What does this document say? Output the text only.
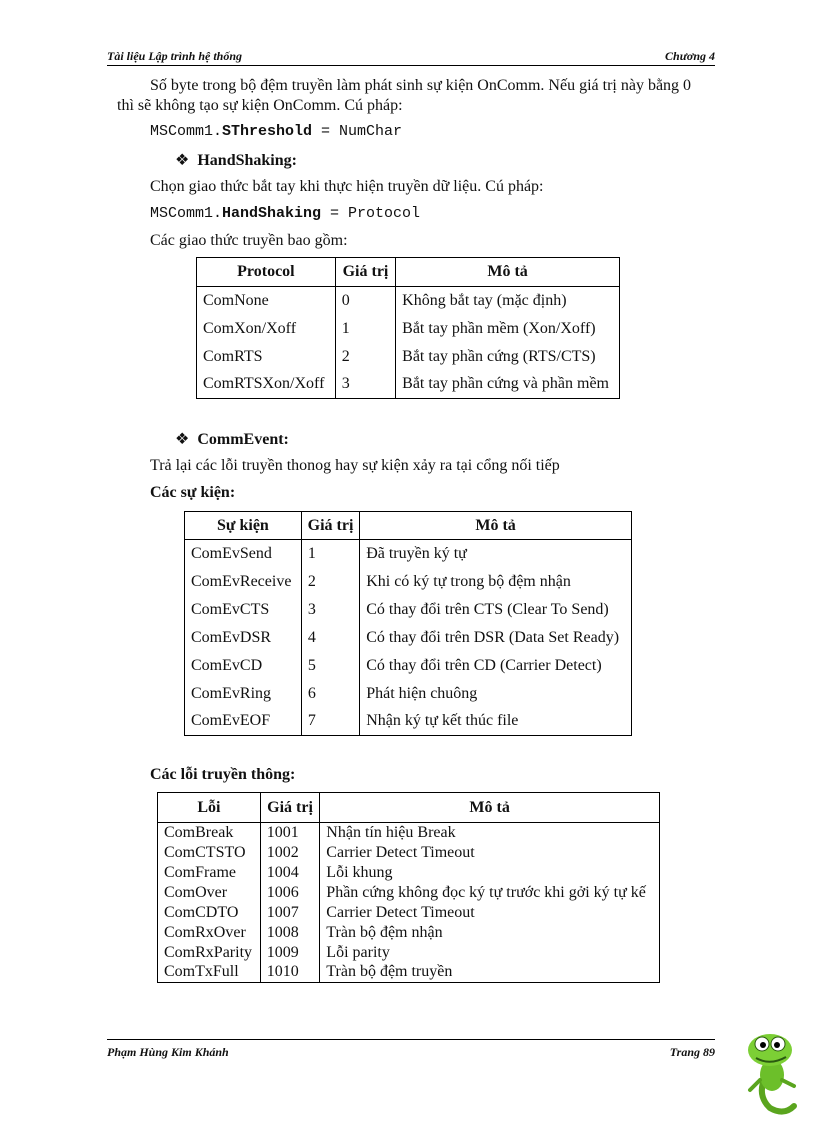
Tài liệu Lập trình hệ thống	Chương 4
Số byte trong bộ đệm truyền làm phát sinh sự kiện OnComm. Nếu giá trị này bằng 0
thì sẽ không tạo sự kiện OnComm. Cú pháp:
MSComm1.SThreshold = NumChar
❖ HandShaking:
Chọn giao thức bắt tay khi thực hiện truyền dữ liệu. Cú pháp:
MSComm1.HandShaking = Protocol
Các giao thức truyền bao gồm:
Protocol	Giá trị	Mô tả
ComNone	0	Không bắt tay (mặc định)
ComXon/Xoff	1	Bắt tay phần mềm (Xon/Xoff)
ComRTS	2	Bắt tay phần cứng (RTS/CTS)
ComRTSXon/Xoff	3	Bắt tay phần cứng và phần mềm
❖ CommEvent:
Trả lại các lỗi truyền thonog hay sự kiện xảy ra tại cổng nối tiếp
Các sự kiện:
Sự kiện	Giá trị	Mô tả
ComEvSend	1	Đã truyền ký tự
ComEvReceive	2	Khi có ký tự trong bộ đệm nhận
ComEvCTS	3	Có thay đổi trên CTS (Clear To Send)
ComEvDSR	4	Có thay đổi trên DSR (Data Set Ready)
ComEvCD	5	Có thay đổi trên CD (Carrier Detect)
ComEvRing	6	Phát hiện chuông
ComEvEOF	7	Nhận ký tự kết thúc file
Các lỗi truyền thông:
Lỗi	Giá trị	Mô tả
ComBreak	1001	Nhận tín hiệu Break
ComCTSTO	1002	Carrier Detect Timeout
ComFrame	1004	Lỗi khung
ComOver	1006	Phần cứng không đọc ký tự trước khi gởi ký tự kế
ComCDTO	1007	Carrier Detect Timeout
ComRxOver	1008	Tràn bộ đệm nhận
ComRxParity	1009	Lỗi parity
ComTxFull	1010	Tràn bộ đệm truyền
Phạm Hùng Kim Khánh	Trang 89
